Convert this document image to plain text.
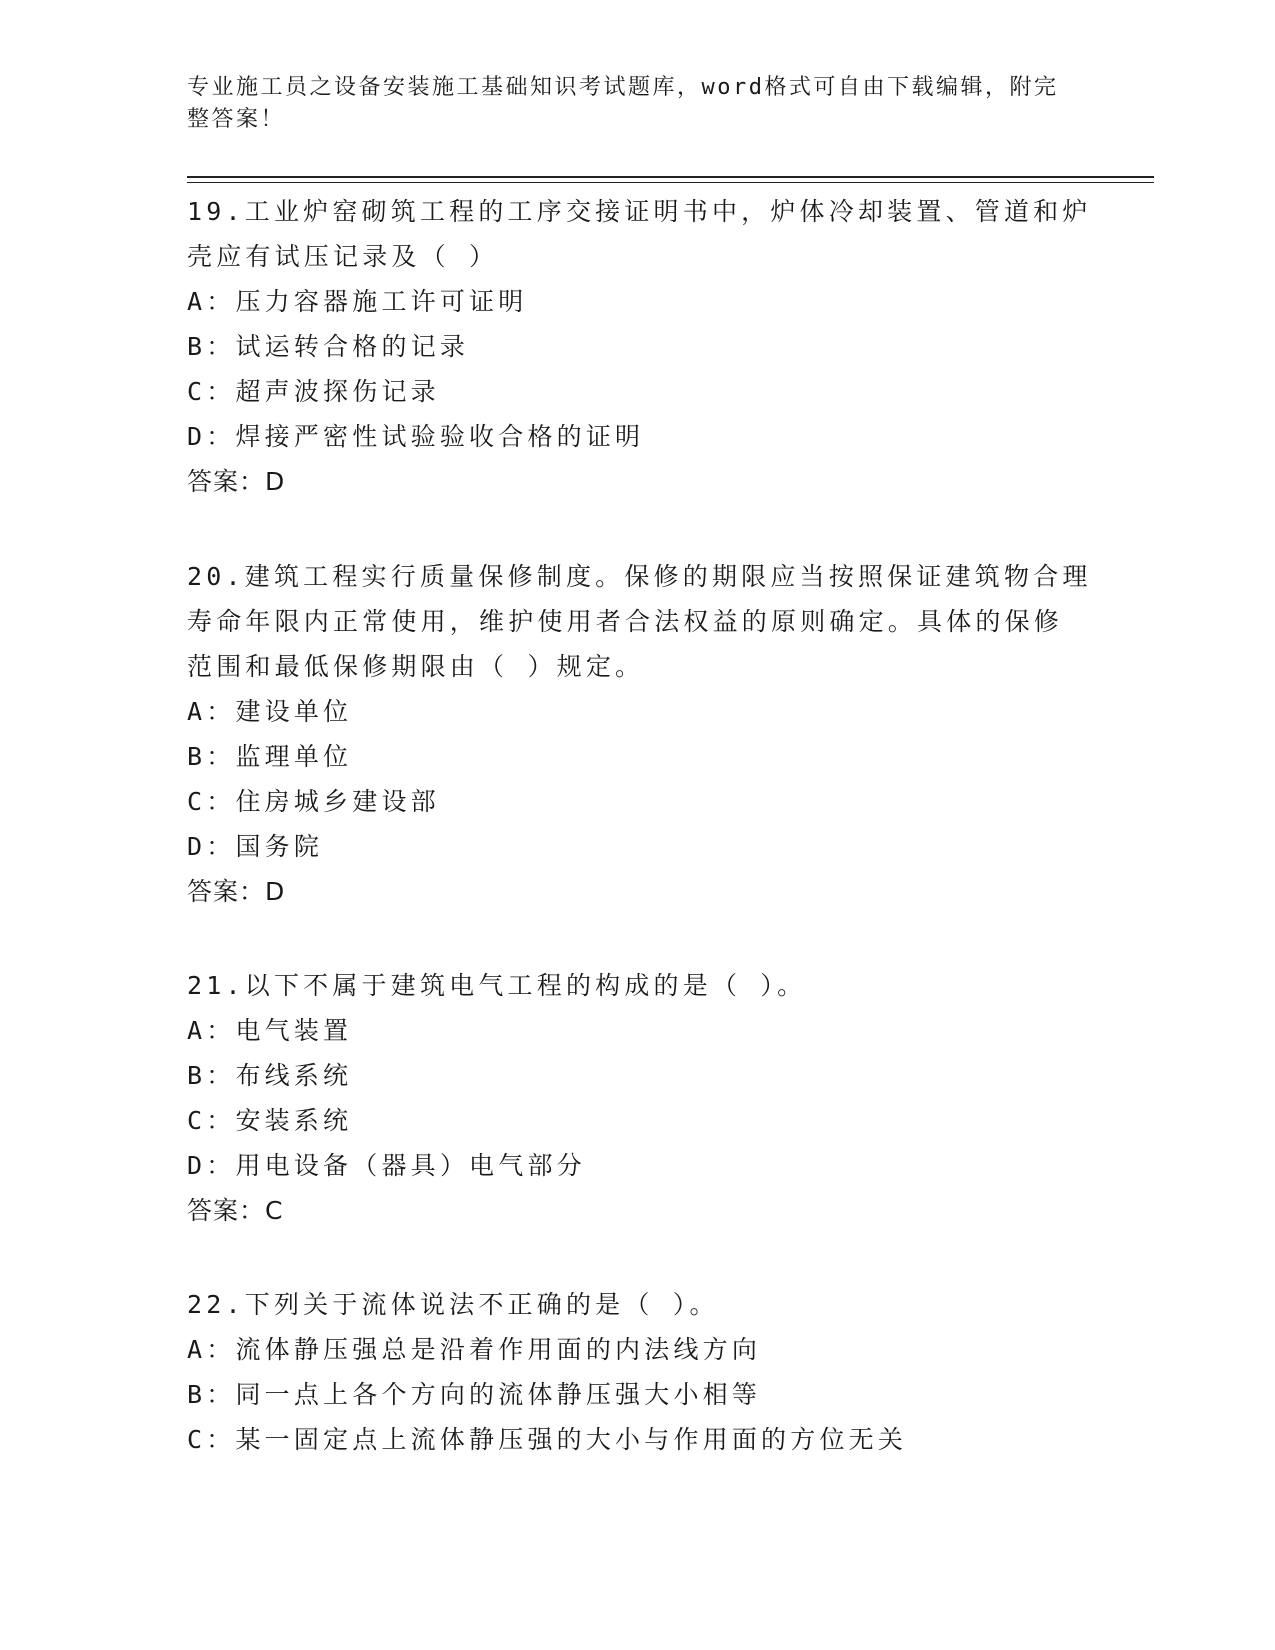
专业施工员之设备安装施工基础知识考试题库，word格式可自由下载编辑，附完
整答案！
19.工业炉窑砌筑工程的工序交接证明书中，炉体冷却装置、管道和炉
壳应有试压记录及（ ）
A：压力容器施工许可证明
B：试运转合格的记录
C：超声波探伤记录
D：焊接严密性试验验收合格的证明
答案：D
20.建筑工程实行质量保修制度。保修的期限应当按照保证建筑物合理
寿命年限内正常使用，维护使用者合法权益的原则确定。具体的保修
范围和最低保修期限由（ ）规定。
A：建设单位
B：监理单位
C：住房城乡建设部
D：国务院
答案：D
21.以下不属于建筑电气工程的构成的是（ ）。
A：电气装置
B：布线系统
C：安装系统
D：用电设备（器具）电气部分
答案：C
22.下列关于流体说法不正确的是（ ）。
A：流体静压强总是沿着作用面的内法线方向
B：同一点上各个方向的流体静压强大小相等
C：某一固定点上流体静压强的大小与作用面的方位无关
